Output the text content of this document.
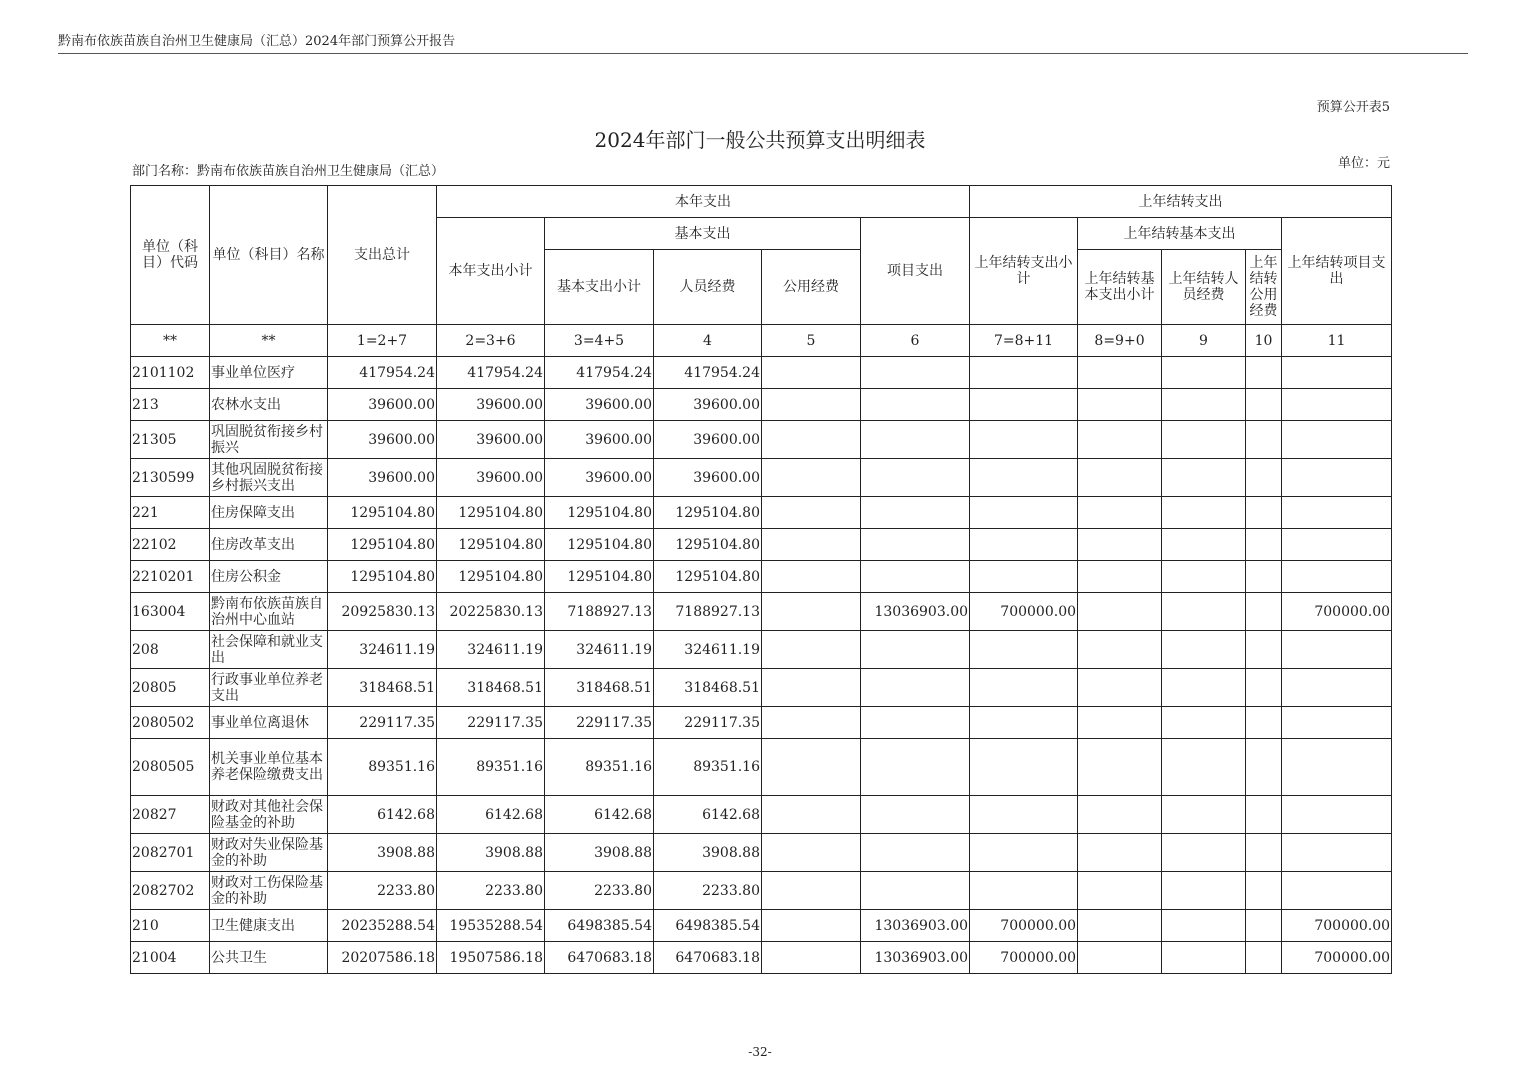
黔南布依族苗族自治州卫生健康局（汇总）2024年部门预算公开报告
预算公开表5
2024年部门一般公共预算支出明细表
部门名称：黔南布依族苗族自治州卫生健康局（汇总）
单位：元
单位（科目）代码	单位（科目）名称	支出总计	本年支出					上年结转支出				
			本年支出小计	基本支出			项目支出	上年结转支出小计	上年结转基本支出			上年结转项目支出
				基本支出小计	人员经费	公用经费			上年结转基本支出小计	上年结转人员经费	上年结转公用经费	
**	**	1=2+7	2=3+6	3=4+5	4	5	6	7=8+11	8=9+0	9	10	11
2101102	事业单位医疗	417954.24	417954.24	417954.24	417954.24							
213	农林水支出	39600.00	39600.00	39600.00	39600.00							
21305	巩固脱贫衔接乡村振兴	39600.00	39600.00	39600.00	39600.00							
2130599	其他巩固脱贫衔接乡村振兴支出	39600.00	39600.00	39600.00	39600.00							
221	住房保障支出	1295104.80	1295104.80	1295104.80	1295104.80							
22102	住房改革支出	1295104.80	1295104.80	1295104.80	1295104.80							
2210201	住房公积金	1295104.80	1295104.80	1295104.80	1295104.80							
163004	黔南布依族苗族自治州中心血站	20925830.13	20225830.13	7188927.13	7188927.13		13036903.00	700000.00				700000.00
208	社会保障和就业支出	324611.19	324611.19	324611.19	324611.19							
20805	行政事业单位养老支出	318468.51	318468.51	318468.51	318468.51							
2080502	事业单位离退休	229117.35	229117.35	229117.35	229117.35							
2080505	机关事业单位基本养老保险缴费支出	89351.16	89351.16	89351.16	89351.16							
20827	财政对其他社会保险基金的补助	6142.68	6142.68	6142.68	6142.68							
2082701	财政对失业保险基金的补助	3908.88	3908.88	3908.88	3908.88							
2082702	财政对工伤保险基金的补助	2233.80	2233.80	2233.80	2233.80							
210	卫生健康支出	20235288.54	19535288.54	6498385.54	6498385.54		13036903.00	700000.00				700000.00
21004	公共卫生	20207586.18	19507586.18	6470683.18	6470683.18		13036903.00	700000.00				700000.00
-32-
